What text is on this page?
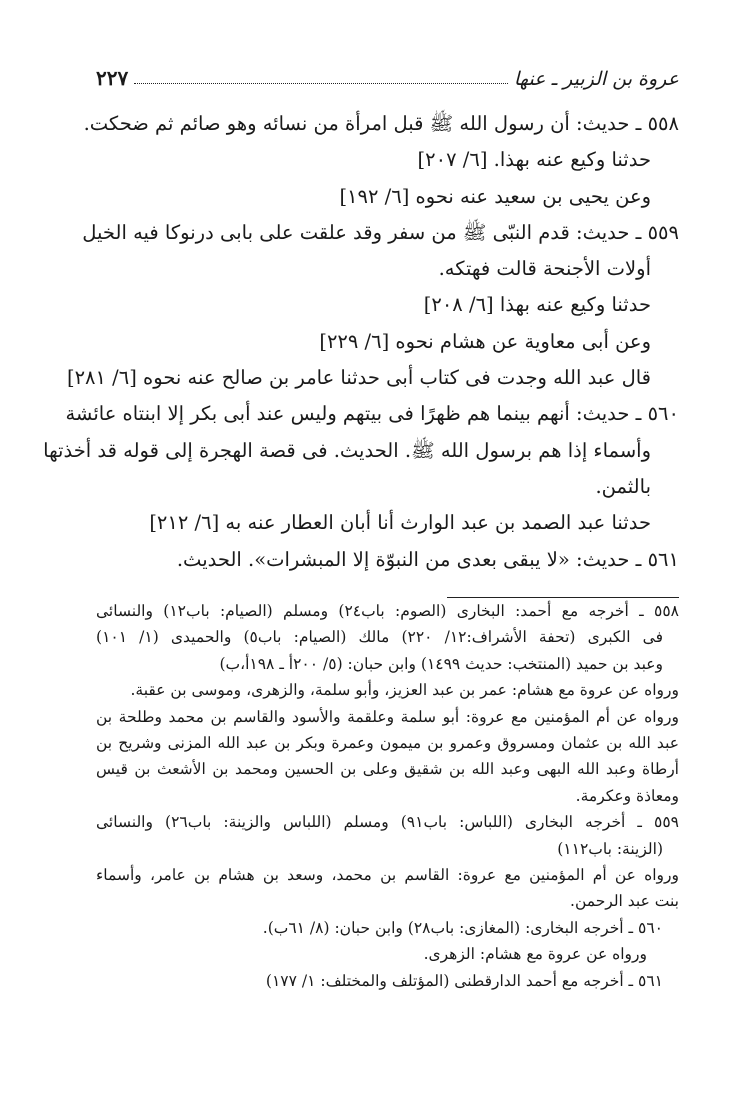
عروة بن الزبير ـ عنها
٢٢٧
٥٥٨ ـ حديث: أن رسول الله ﷺ قبل امرأة من نسائه وهو صائم ثم ضحكت.
حدثنا وكيع عنه بهذا. [٦/ ٢٠٧]
وعن يحيى بن سعيد عنه نحوه [٦/ ١٩٢]
٥٥٩ ـ حديث: قدم النبّى ﷺ من سفر وقد علقت على بابى درنوكا فيه الخيل
أولات الأجنحة قالت فهتكه.
حدثنا وكيع عنه بهذا [٦/ ٢٠٨]
وعن أبى معاوية عن هشام نحوه [٦/ ٢٢٩]
قال عبد الله وجدت فى كتاب أبى حدثنا عامر بن صالح عنه نحوه [٦/ ٢٨١]
٥٦٠ ـ حديث: أنهم بينما هم ظهرًا فى بيتهم وليس عند أبى بكر إلا ابنتاه عائشة
وأسماء إذا هم برسول الله ﷺ. الحديث. فى قصة الهجرة إلى قوله قد أخذتها
بالثمن.
حدثنا عبد الصمد بن عبد الوارث أنا أبان العطار عنه به [٦/ ٢١٢]
٥٦١ ـ حديث: «لا يبقى بعدى من النبوّة إلا المبشرات». الحديث.
٥٥٨ ـ أخرجه مع أحمد: البخارى (الصوم: باب٢٤) ومسلم (الصيام: باب١٢) والنسائى
فى الكبرى (تحفة الأشراف:١٢/ ٢٢٠) مالك (الصيام: باب٥) والحميدى (١/ ١٠١)
وعبد بن حميد (المنتخب: حديث ١٤٩٩) وابن حبان: (٥/ ٢٠٠أ ـ ١٩٨أ،ب)
ورواه عن عروة مع هشام: عمر بن عبد العزيز، وأبو سلمة، والزهرى، وموسى بن عقبة.
ورواه عن أم المؤمنين مع عروة: أبو سلمة وعلقمة والأسود والقاسم بن محمد وطلحة بن
عبد الله بن عثمان ومسروق وعمرو بن ميمون وعمرة وبكر بن عبد الله المزنى وشريح بن
أرطاة وعبد الله البهى وعبد الله بن شقيق وعلى بن الحسين ومحمد بن الأشعث بن قيس
ومعاذة وعكرمة.
٥٥٩ ـ أخرجه البخارى (اللباس: باب٩١) ومسلم (اللباس والزينة: باب٢٦) والنسائى
(الزينة: باب١١٢)
ورواه عن أم المؤمنين مع عروة: القاسم بن محمد، وسعد بن هشام بن عامر، وأسماء
بنت عبد الرحمن.
٥٦٠ ـ أخرجه البخارى: (المغازى: باب٢٨) وابن حبان: (٨/ ٦١ب).
ورواه عن عروة مع هشام: الزهرى.
٥٦١ ـ أخرجه مع أحمد الدارقطنى (المؤتلف والمختلف: ١/ ١٧٧)
